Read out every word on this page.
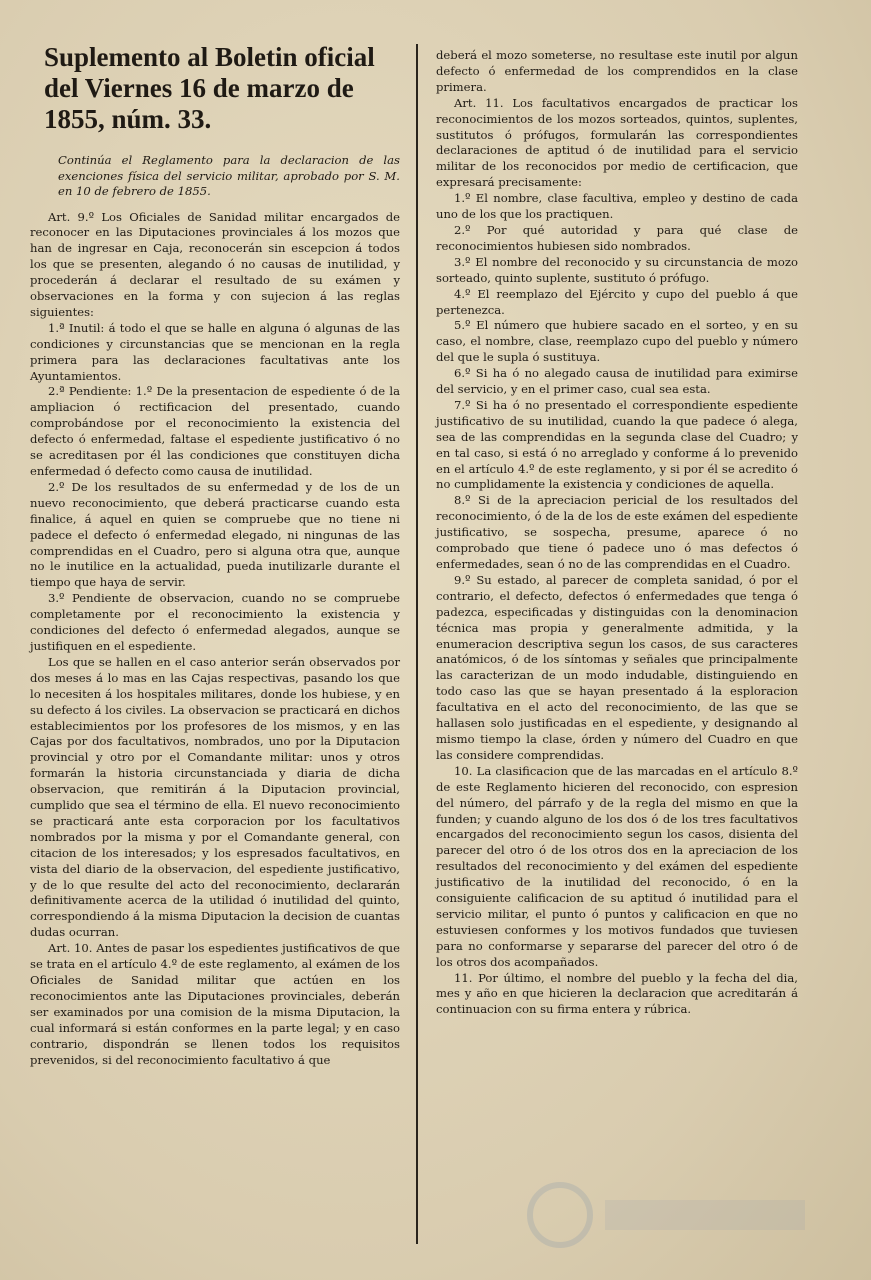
Suplemento al Boletin oficial
del Viernes 16 de marzo de
1855, núm. 33.

Continúa el Reglamento para la declaracion de las exenciones física del servicio militar, aprobado por S. M. en 10 de febrero de 1855.

Art. 9.º Los Oficiales de Sanidad militar encargados de reconocer en las Diputaciones provinciales á los mozos que han de ingresar en Caja, reconocerán sin escepcion á todos los que se presenten, alegando ó no causas de inutilidad, y procederán á declarar el resultado de su exámen y observaciones en la forma y con sujecion á las reglas siguientes:

1.ª Inutil: á todo el que se halle en alguna ó algunas de las condiciones y circunstancias que se mencionan en la regla primera para las declaraciones facultativas ante los Ayuntamientos.

2.ª Pendiente: 1.º De la presentacion de espediente ó de la ampliacion ó rectificacion del presentado, cuando comprobándose por el reconocimiento la existencia del defecto ó enfermedad, faltase el espediente justificativo ó no se acreditasen por él las condiciones que constituyen dicha enfermedad ó defecto como causa de inutilidad.

2.º De los resultados de su enfermedad y de los de un nuevo reconocimiento, que deberá practicarse cuando esta finalice, á aquel en quien se compruebe que no tiene ni padece el defecto ó enfermedad elegado, ni ningunas de las comprendidas en el Cuadro, pero si alguna otra que, aunque no le inutilice en la actualidad, pueda inutilizarle durante el tiempo que haya de servir.

3.º Pendiente de observacion, cuando no se compruebe completamente por el reconocimiento la existencia y condiciones del defecto ó enfermedad alegados, aunque se justifiquen en el espediente.

Los que se hallen en el caso anterior serán observados por dos meses á lo mas en las Cajas respectivas, pasando los que lo necesiten á los hospitales militares, donde los hubiese, y en su defecto á los civiles. La observacion se practicará en dichos establecimientos por los profesores de los mismos, y en las Cajas por dos facultativos, nombrados, uno por la Diputacion provincial y otro por el Comandante militar: unos y otros formarán la historia circunstanciada y diaria de dicha observacion, que remitirán á la Diputacion provincial, cumplido que sea el término de ella. El nuevo reconocimiento se practicará ante esta corporacion por los facultativos nombrados por la misma y por el Comandante general, con citacion de los interesados; y los espresados facultativos, en vista del diario de la observacion, del espediente justificativo, y de lo que resulte del acto del reconocimiento, declararán definitivamente acerca de la utilidad ó inutilidad del quinto, correspondiendo á la misma Diputacion la decision de cuantas dudas ocurran.

Art. 10. Antes de pasar los espedientes justificativos de que se trata en el artículo 4.º de este reglamento, al exámen de los Oficiales de Sanidad militar que actúen en los reconocimientos ante las Diputaciones provinciales, deberán ser examinados por una comision de la misma Diputacion, la cual informará si están conformes en la parte legal; y en caso contrario, dispondrán se llenen todos los requisitos prevenidos, si del reconocimiento facultativo á que

deberá el mozo someterse, no resultase este inutil por algun defecto ó enfermedad de los comprendidos en la clase primera.

Art. 11. Los facultativos encargados de practicar los reconocimientos de los mozos sorteados, quintos, suplentes, sustitutos ó prófugos, formularán las correspondientes declaraciones de aptitud ó de inutilidad para el servicio militar de los reconocidos por medio de certificacion, que expresará precisamente:

1.º El nombre, clase facultiva, empleo y destino de cada uno de los que los practiquen.

2.º Por qué autoridad y para qué clase de reconocimientos hubiesen sido nombrados.

3.º El nombre del reconocido y su circunstancia de mozo sorteado, quinto suplente, sustituto ó prófugo.

4.º El reemplazo del Ejército y cupo del pueblo á que pertenezca.

5.º El número que hubiere sacado en el sorteo, y en su caso, el nombre, clase, reemplazo cupo del pueblo y número del que le supla ó sustituya.

6.º Si ha ó no alegado causa de inutilidad para eximirse del servicio, y en el primer caso, cual sea esta.

7.º Si ha ó no presentado el correspondiente espediente justificativo de su inutilidad, cuando la que padece ó alega, sea de las comprendidas en la segunda clase del Cuadro; y en tal caso, si está ó no arreglado y conforme á lo prevenido en el artículo 4.º de este reglamento, y si por él se acredito ó no cumplidamente la existencia y condiciones de aquella.

8.º Si de la apreciacion pericial de los resultados del reconocimiento, ó de la de los de este exámen del espediente justificativo, se sospecha, presume, aparece ó no comprobado que tiene ó padece uno ó mas defectos ó enfermedades, sean ó no de las comprendidas en el Cuadro.

9.º Su estado, al parecer de completa sanidad, ó por el contrario, el defecto, defectos ó enfermedades que tenga ó padezca, especificadas y distinguidas con la denominacion técnica mas propia y generalmente admitida, y la enumeracion descriptiva segun los casos, de sus caracteres anatómicos, ó de los síntomas y señales que principalmente las caracterizan de un modo indudable, distinguiendo en todo caso las que se hayan presentado á la esploracion facultativa en el acto del reconocimiento, de las que se hallasen solo justificadas en el espediente, y designando al mismo tiempo la clase, órden y número del Cuadro en que las considere comprendidas.

10. La clasificacion que de las marcadas en el artículo 8.º de este Reglamento hicieren del reconocido, con espresion del número, del párrafo y de la regla del mismo en que la funden; y cuando alguno de los dos ó de los tres facultativos encargados del reconocimiento segun los casos, disienta del parecer del otro ó de los otros dos en la apreciacion de los resultados del reconocimiento y del exámen del espediente justificativo de la inutilidad del reconocido, ó en la consiguiente calificacion de su aptitud ó inutilidad para el servicio militar, el punto ó puntos y calificacion en que no estuviesen conformes y los motivos fundados que tuviesen para no conformarse y separarse del parecer del otro ó de los otros dos acompañados.

11. Por último, el nombre del pueblo y la fecha del dia, mes y año en que hicieren la declaracion que acreditarán á continuacion con su firma entera y rúbrica.
